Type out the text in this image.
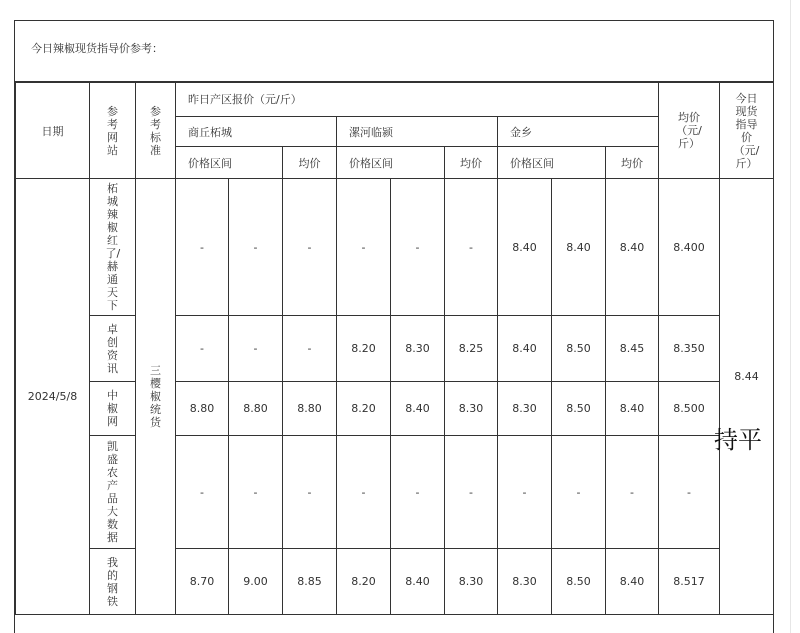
今日辣椒现货指导价参考：
日期	参考网站	参考标准	昨日产区报价（元/斤）									均价（元/斤）	今日现货指导价（元/斤）
			商丘柘城			漯河临颍			金乡				
			价格区间		均价	价格区间		均价	价格区间		均价		
2024/5/8	柘城辣椒红了/赫通天下	三樱椒统货	-	-	-	-	-	-	8.40	8.40	8.40	8.400	8.44
	卓创资讯		-	-	-	8.20	8.30	8.25	8.40	8.50	8.45	8.350	
	中椒网		8.80	8.80	8.80	8.20	8.40	8.30	8.30	8.50	8.40	8.500	
	凯盛农产品大数据		-	-	-	-	-	-	-	-	-	-	
	我的钢铁		8.70	9.00	8.85	8.20	8.40	8.30	8.30	8.50	8.40	8.517	
持平
